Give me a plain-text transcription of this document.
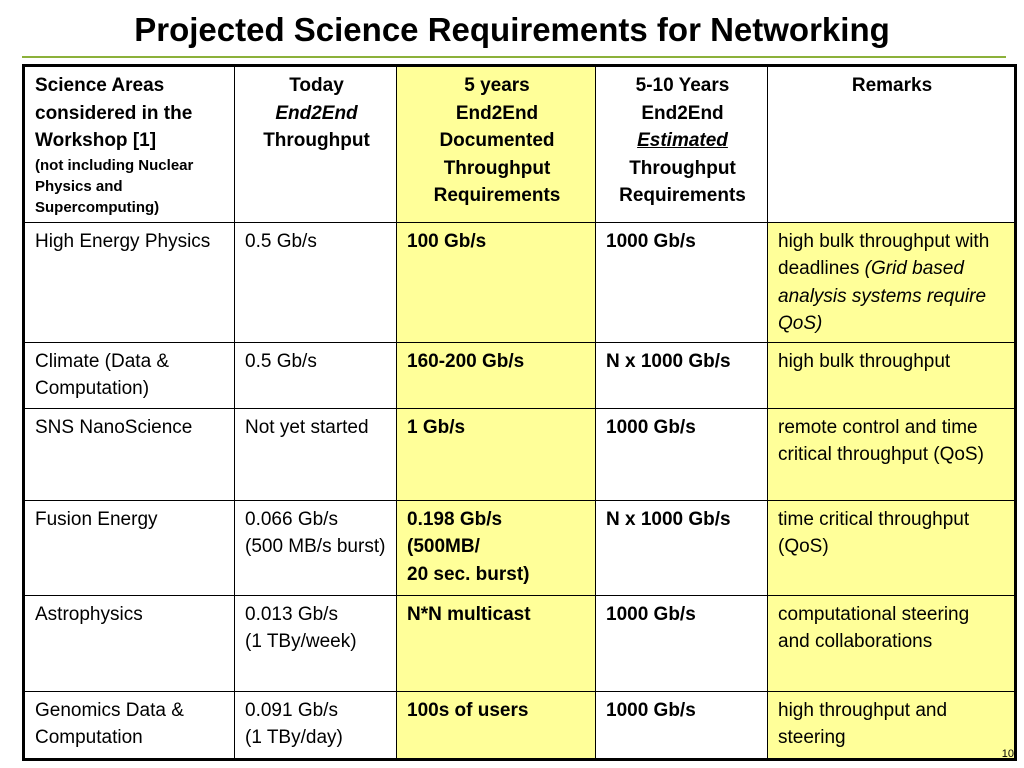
Projected Science Requirements for Networking
Science Areas considered in the Workshop [1]
(not including Nuclear Physics and Supercomputing)	Today
End2End
Throughput	5 years
End2End
Documented Throughput Requirements	5-10 Years
End2End
Estimated
Throughput Requirements	Remarks
High Energy Physics	0.5 Gb/s	100 Gb/s	1000 Gb/s	high bulk throughput with deadlines (Grid based analysis systems require QoS)
Climate (Data & Computation)	0.5 Gb/s	160-200 Gb/s	N x 1000 Gb/s	high bulk throughput
SNS NanoScience	Not yet started	1 Gb/s	1000 Gb/s	remote control and time critical throughput (QoS)
Fusion Energy	0.066 Gb/s
(500 MB/s burst)	0.198 Gb/s
(500MB/
20 sec. burst)	N x 1000 Gb/s	time critical throughput (QoS)
Astrophysics	0.013 Gb/s
(1 TBy/week)	N*N multicast	1000 Gb/s	computational steering and collaborations
Genomics Data & Computation	0.091 Gb/s
(1 TBy/day)	100s of users	1000 Gb/s	high throughput and steering
10
